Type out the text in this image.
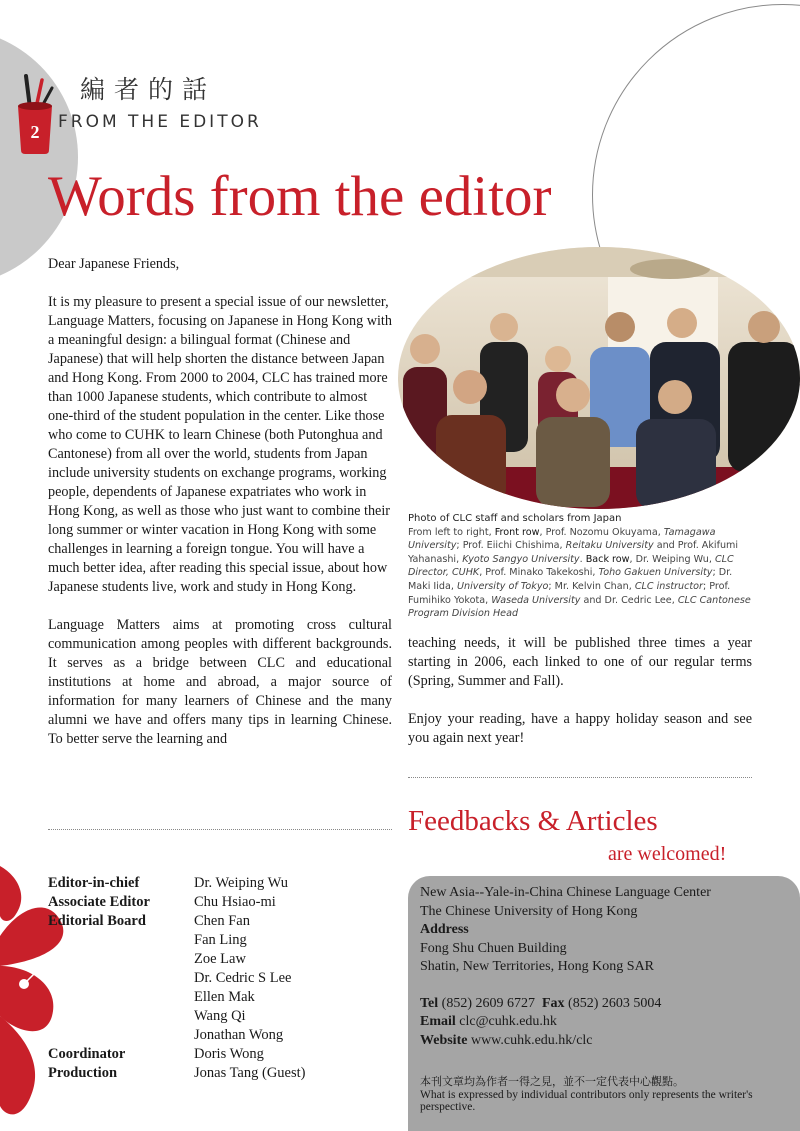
2
編者的話
FROM THE EDITOR
Words from the editor

Dear Japanese Friends,

It is my pleasure to present a special issue of our newsletter, Language Matters, focusing on Japanese in Hong Kong with a meaningful design: a bilingual format (Chinese and Japanese) that will help shorten the distance between Japan and Hong Kong. From 2000 to 2004, CLC has trained more than 1000 Japanese students, which contribute to almost one-third of the student population in the center. Like those who come to CUHK to learn Chinese (both Putonghua and Cantonese) from all over the world, students from Japan include university students on exchange programs, working people, dependents of Japanese expatriates who work in Hong Kong, as well as those who just want to combine their long summer or winter vacation in Hong Kong with some challenges in learning a foreign tongue. You will have a much better idea, after reading this special issue, about how Japanese students live, work and study in Hong Kong.

Language Matters aims at promoting cross cultural communication among peoples with different backgrounds. It serves as a bridge between CLC and educational institutions at home and abroad, a major source of information for many learners of Chinese and the many alumni we have and offers many tips in learning Chinese. To better serve the learning and

Photo of CLC staff and scholars from Japan
From left to right, Front row, Prof. Nozomu Okuyama, Tamagawa University; Prof. Eiichi Chishima, Reitaku University and Prof. Akifumi Yahanashi, Kyoto Sangyo University. Back row, Dr. Weiping Wu, CLC Director, CUHK, Prof. Minako Takekoshi, Toho Gakuen University; Dr. Maki Iida, University of Tokyo; Mr. Kelvin Chan, CLC instructor; Prof. Fumihiko Yokota, Waseda University and Dr. Cedric Lee, CLC Cantonese Program Division Head

teaching needs, it will be published three times a year starting in 2006, each linked to one of our regular terms (Spring, Summer and Fall).

Enjoy your reading, have a happy holiday season and see you again next year!

Feedbacks & Articles
are welcomed!
Editor-in-chief
Associate Editor
Editorial Board
Coordinator
Production
Dr. Weiping Wu
Chu Hsiao-mi
Chen Fan
Fan Ling
Zoe Law
Dr. Cedric S Lee
Ellen Mak
Wang Qi
Jonathan Wong
Doris Wong
Jonas Tang (Guest)
New Asia--Yale-in-China Chinese Language Center
The Chinese University of Hong Kong
Address
Fong Shu Chuen Building
Shatin, New Territories, Hong Kong SAR
Tel (852) 2609 6727 Fax (852) 2603 5004
Email clc@cuhk.edu.hk
Website www.cuhk.edu.hk/clc
本刊文章均為作者一得之見，並不一定代表中心觀點。
What is expressed by individual contributors only represents the writer's perspective.
